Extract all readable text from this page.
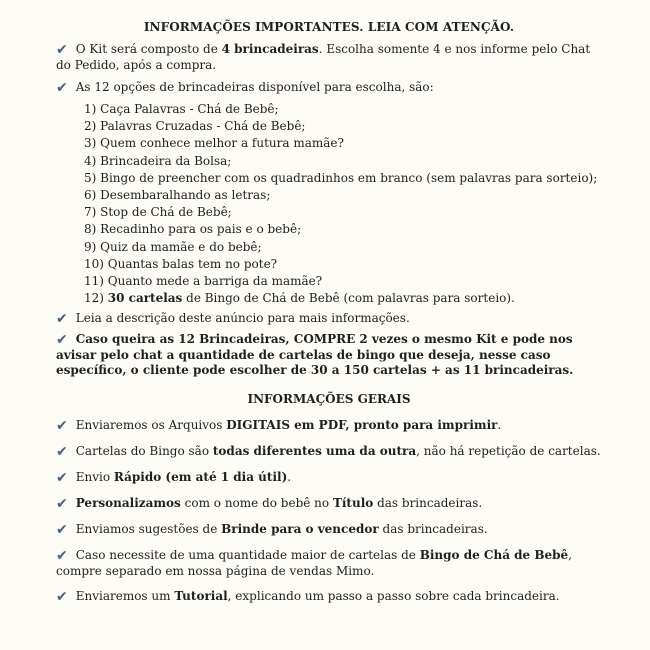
INFORMAÇÕES IMPORTANTES. LEIA COM ATENÇÃO.

✔ O Kit será composto de 4 brincadeiras. Escolha somente 4 e nos informe pelo Chat do Pedido, após a compra.

✔ As 12 opções de brincadeiras disponível para escolha, são:

1) Caça Palavras - Chá de Bebê;
2) Palavras Cruzadas - Chá de Bebê;
3) Quem conhece melhor a futura mamãe?
4) Brincadeira da Bolsa;
5) Bingo de preencher com os quadradinhos em branco (sem palavras para sorteio);
6) Desembaralhando as letras;
7) Stop de Chá de Bebê;
8) Recadinho para os pais e o bebê;
9) Quiz da mamãe e do bebê;
10) Quantas balas tem no pote?
11) Quanto mede a barriga da mamãe?
12) 30 cartelas de Bingo de Chá de Bebê (com palavras para sorteio).

✔ Leia a descrição deste anúncio para mais informações.

✔ Caso queira as 12 Brincadeiras, COMPRE 2 vezes o mesmo Kit e pode nos avisar pelo chat a quantidade de cartelas de bingo que deseja, nesse caso específico, o cliente pode escolher de 30 a 150 cartelas + as 11 brincadeiras.

INFORMAÇÕES GERAIS

✔ Enviaremos os Arquivos DIGITAIS em PDF, pronto para imprimir.

✔ Cartelas do Bingo são todas diferentes uma da outra, não há repetição de cartelas.

✔ Envio Rápido (em até 1 dia útil).

✔ Personalizamos com o nome do bebê no Título das brincadeiras.

✔ Enviamos sugestões de Brinde para o vencedor das brincadeiras.

✔ Caso necessite de uma quantidade maior de cartelas de Bingo de Chá de Bebê, compre separado em nossa página de vendas Mimo.

✔ Enviaremos um Tutorial, explicando um passo a passo sobre cada brincadeira.
